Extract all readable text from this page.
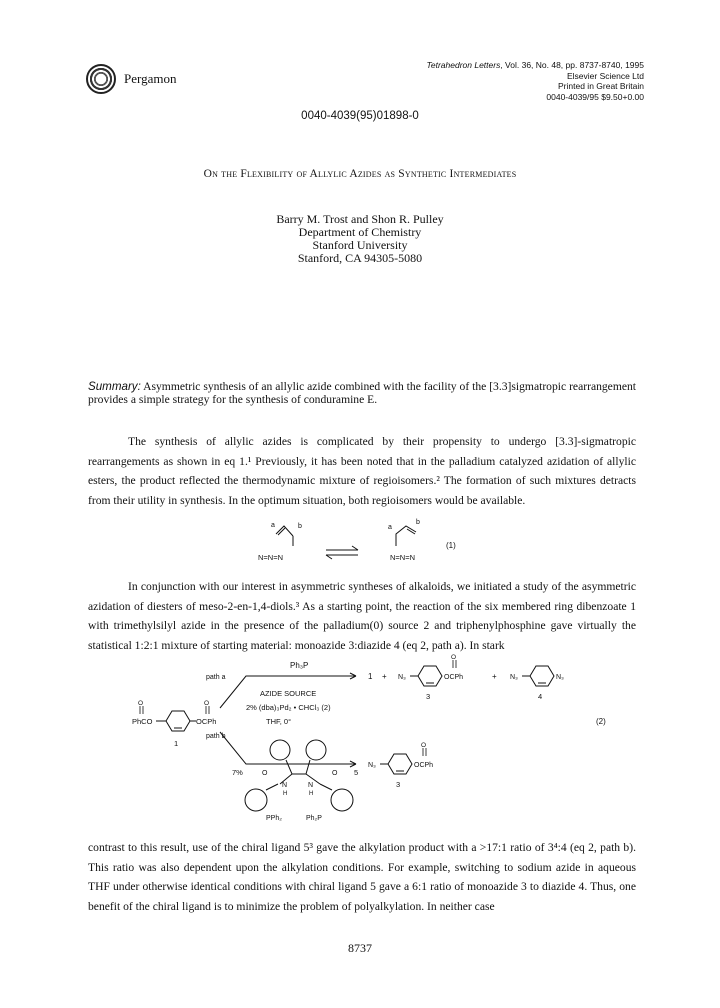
Pergamon
Tetrahedron Letters, Vol. 36, No. 48, pp. 8737-8740, 1995
Elsevier Science Ltd
Printed in Great Britain
0040-4039/95 $9.50+0.00
0040-4039(95)01898-0
On the Flexibility of Allylic Azides as Synthetic Intermediates
Barry M. Trost and Shon R. Pulley
Department of Chemistry
Stanford University
Stanford, CA 94305-5080
Summary: Asymmetric synthesis of an allylic azide combined with the facility of the [3.3]sigmatropic rearrangement provides a simple strategy for the synthesis of conduramine E.
The synthesis of allylic azides is complicated by their propensity to undergo [3.3]-sigmatropic rearrangements as shown in eq 1.¹ Previously, it has been noted that in the palladium catalyzed azidation of allylic esters, the product reflected the thermodynamic mixture of regioisomers.² The formation of such mixtures detracts from their utility in synthesis. In the optimum situation, both regioisomers would be available.
a	b
N=N=N
a
b
N=N=N
(1)
In conjunction with our interest in asymmetric syntheses of alkaloids, we initiated a study of the asymmetric azidation of diesters of meso-2-en-1,4-diols.³ As a starting point, the reaction of the six membered ring dibenzoate 1 with trimethylsilyl azide in the presence of the palladium(0) source 2 and triphenylphosphine gave virtually the statistical 1:2:1 mixture of starting material: monoazide 3:diazide 4 (eq 2, path a). In stark
PhCO
O
OCPh
O
1
path a
Ph₃P
AZIDE SOURCE
2% (dba)₃Pd₂ • CHCl₃ (2)
THF, 0°
path b
1 + N₃	OCPh
O
3
+ N₃	N₃
4
(2)
N₃	OCPh
O
3
7%
N
H
N
H
O	O 5
PPh₂	Ph₂P
contrast to this result, use of the chiral ligand 5³ gave the alkylation product with a >17:1 ratio of 3⁴:4 (eq 2, path b). This ratio was also dependent upon the alkylation conditions. For example, switching to sodium azide in aqueous THF under otherwise identical conditions with chiral ligand 5 gave a 6:1 ratio of monoazide 3 to diazide 4. Thus, one benefit of the chiral ligand is to minimize the problem of polyalkylation. In neither case
8737
